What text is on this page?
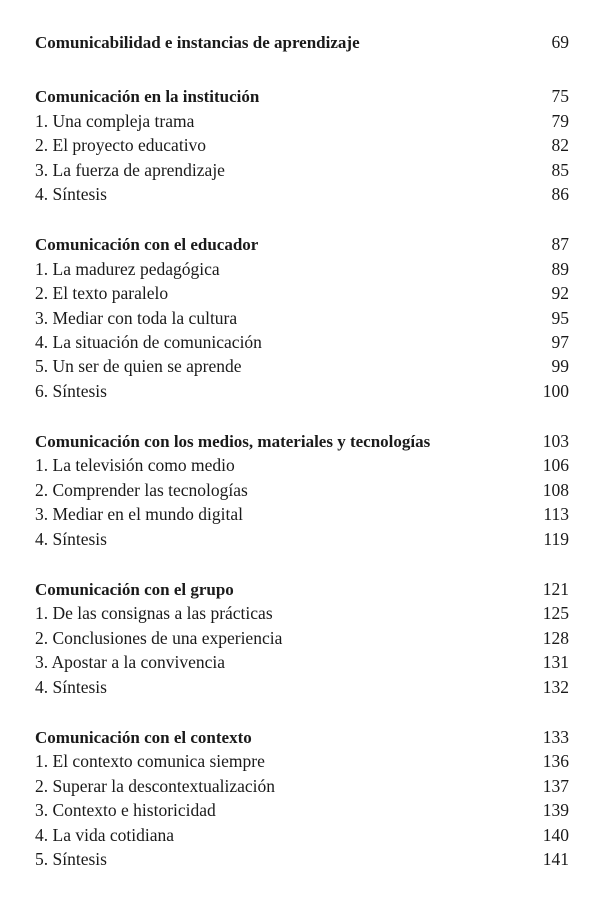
Comunicabilidad e instancias de aprendizaje	69
Comunicación en la institución	75
1. Una compleja trama	79
2. El proyecto educativo	82
3. La fuerza de aprendizaje	85
4. Síntesis	86
Comunicación con el educador	87
1. La madurez pedagógica	89
2. El texto paralelo	92
3. Mediar con toda la cultura	95
4. La situación de comunicación	97
5. Un ser de quien se aprende	99
6. Síntesis	100
Comunicación con los medios, materiales y tecnologías	103
1. La televisión como medio	106
2. Comprender las tecnologías	108
3. Mediar en el mundo digital	113
4. Síntesis	119
Comunicación con el grupo	121
1. De las consignas a las prácticas	125
2. Conclusiones de una experiencia	128
3. Apostar a la convivencia	131
4. Síntesis	132
Comunicación con el contexto	133
1. El contexto comunica siempre	136
2. Superar la descontextualización	137
3. Contexto e historicidad	139
4. La vida cotidiana	140
5. Síntesis	141
